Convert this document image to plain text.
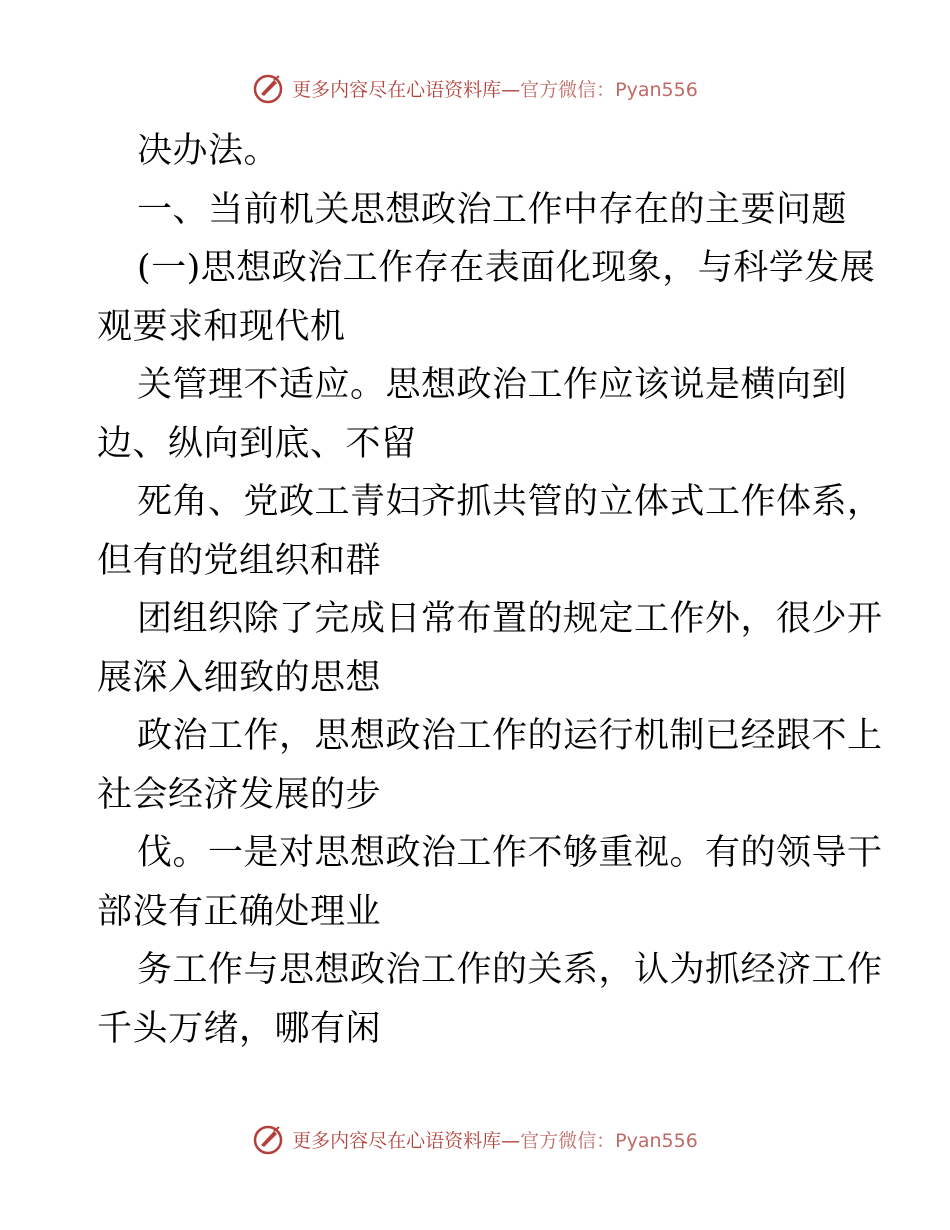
更多内容尽在心语资料库—官方微信：Pyan556
决办法。
一、当前机关思想政治工作中存在的主要问题
(一)思想政治工作存在表面化现象，与科学发展
观要求和现代机
关管理不适应。思想政治工作应该说是横向到
边、纵向到底、不留
死角、党政工青妇齐抓共管的立体式工作体系，
但有的党组织和群
团组织除了完成日常布置的规定工作外，很少开
展深入细致的思想
政治工作，思想政治工作的运行机制已经跟不上
社会经济发展的步
伐。一是对思想政治工作不够重视。有的领导干
部没有正确处理业
务工作与思想政治工作的关系，认为抓经济工作
千头万绪，哪有闲
更多内容尽在心语资料库—官方微信：Pyan556
